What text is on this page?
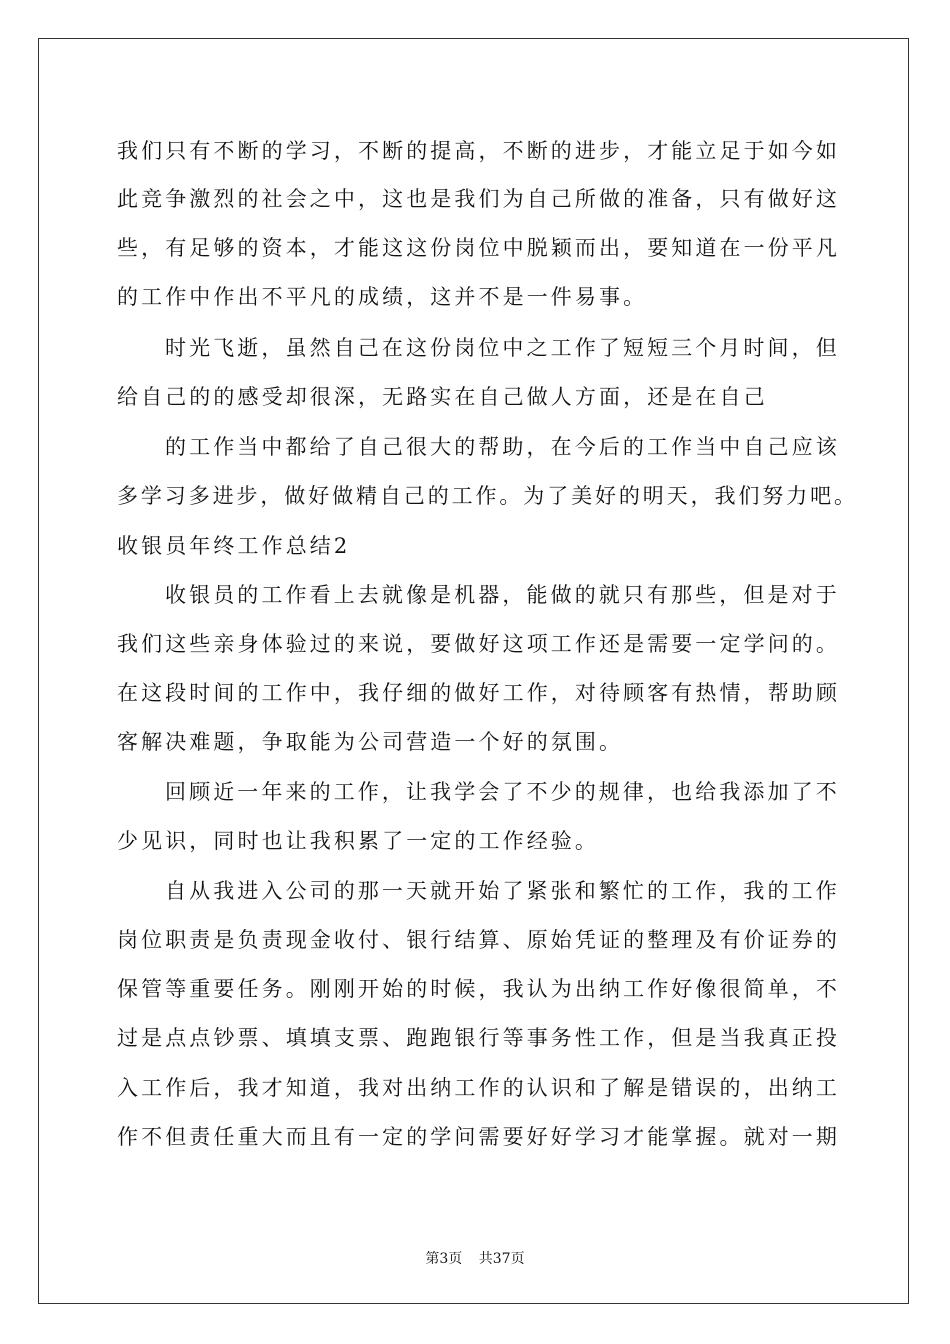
我们只有不断的学习，不断的提高，不断的进步，才能立足于如今如
此竞争激烈的社会之中，这也是我们为自己所做的准备，只有做好这
些，有足够的资本，才能这这份岗位中脱颖而出，要知道在一份平凡
的工作中作出不平凡的成绩，这并不是一件易事。
时光飞逝，虽然自己在这份岗位中之工作了短短三个月时间，但
给自己的的感受却很深，无路实在自己做人方面，还是在自己
的工作当中都给了自己很大的帮助，在今后的工作当中自己应该
多学习多进步，做好做精自己的工作。为了美好的明天，我们努力吧。
收银员年终工作总结2
收银员的工作看上去就像是机器，能做的就只有那些，但是对于
我们这些亲身体验过的来说，要做好这项工作还是需要一定学问的。
在这段时间的工作中，我仔细的做好工作，对待顾客有热情，帮助顾
客解决难题，争取能为公司营造一个好的氛围。
回顾近一年来的工作，让我学会了不少的规律，也给我添加了不
少见识，同时也让我积累了一定的工作经验。
自从我进入公司的那一天就开始了紧张和繁忙的工作，我的工作
岗位职责是负责现金收付、银行结算、原始凭证的整理及有价证券的
保管等重要任务。刚刚开始的时候，我认为出纳工作好像很简单，不
过是点点钞票、填填支票、跑跑银行等事务性工作，但是当我真正投
入工作后，我才知道，我对出纳工作的认识和了解是错误的，出纳工
作不但责任重大而且有一定的学问需要好好学习才能掌握。就对一期
第3页 共37页
